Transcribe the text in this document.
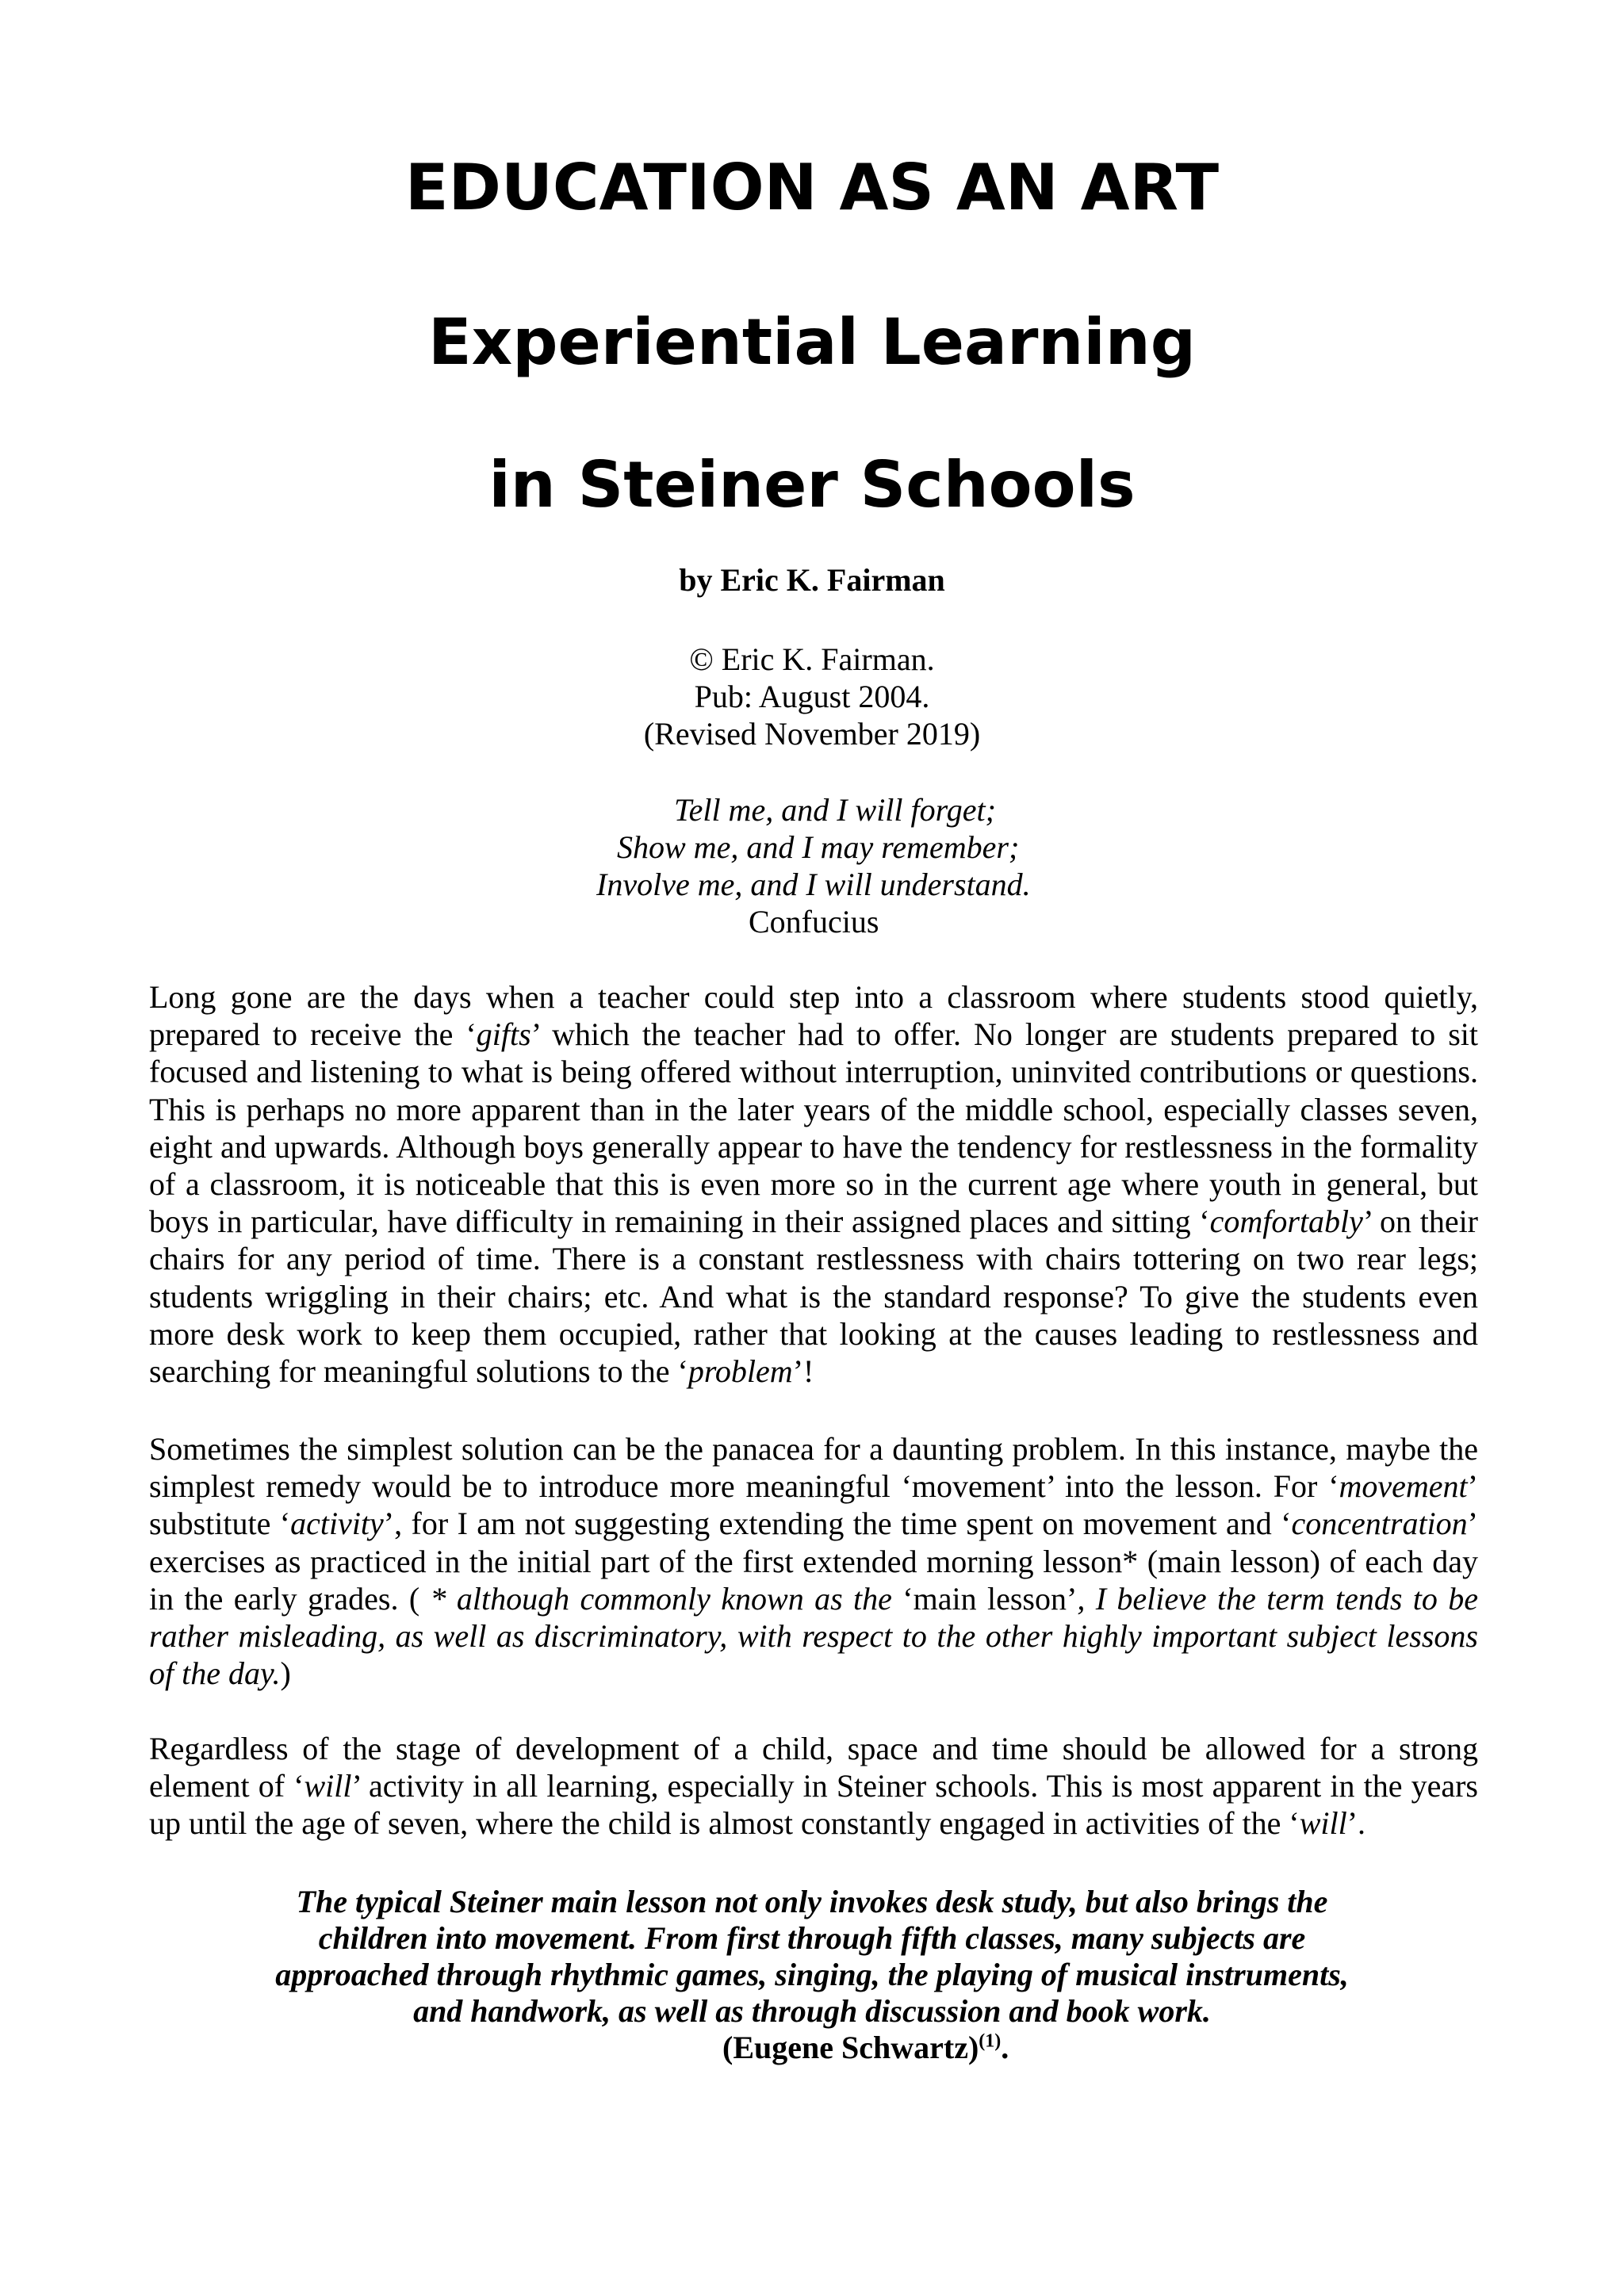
EDUCATION AS AN ART
Experiential Learning
in Steiner Schools

by Eric K. Fairman

© Eric K. Fairman.
Pub: August 2004.
(Revised November 2019)
Tell me, and I will forget;
Show me, and I may remember;
Involve me, and I will understand.
Confucius

Long gone are the days when a teacher could step into a classroom where students stood quietly, prepared to receive the ‘gifts’ which the teacher had to offer. No longer are students prepared to sit focused and listening to what is being offered without interruption, uninvited contributions or questions. This is perhaps no more apparent than in the later years of the middle school, especially classes seven, eight and upwards. Although boys generally appear to have the tendency for restlessness in the formality of a classroom, it is noticeable that this is even more so in the current age where youth in general, but boys in particular, have difficulty in remaining in their assigned places and sitting ‘comfortably’ on their chairs for any period of time. There is a constant restlessness with chairs tottering on two rear legs; students wriggling in their chairs; etc. And what is the standard response? To give the students even more desk work to keep them occupied, rather that looking at the causes leading to restlessness and searching for meaningful solutions to the ‘problem’!

Sometimes the simplest solution can be the panacea for a daunting problem. In this instance, maybe the simplest remedy would be to introduce more meaningful ‘movement’ into the lesson. For ‘movement’ substitute ‘activity’, for I am not suggesting extending the time spent on movement and ‘concentration’ exercises as practiced in the initial part of the first extended morning lesson* (main lesson) of each day in the early grades. ( * although commonly known as the ‘main lesson’, I believe the term tends to be rather misleading, as well as discriminatory, with respect to the other highly important subject lessons of the day.)

Regardless of the stage of development of a child, space and time should be allowed for a strong element of ‘will’ activity in all learning, especially in Steiner schools. This is most apparent in the years up until the age of seven, where the child is almost constantly engaged in activities of the ‘will’.

The typical Steiner main lesson not only invokes desk study, but also brings the
children into movement. From first through fifth classes, many subjects are
approached through rhythmic games, singing, the playing of musical instruments,
and handwork, as well as through discussion and book work.
(Eugene Schwartz)$^{(1)}$.
